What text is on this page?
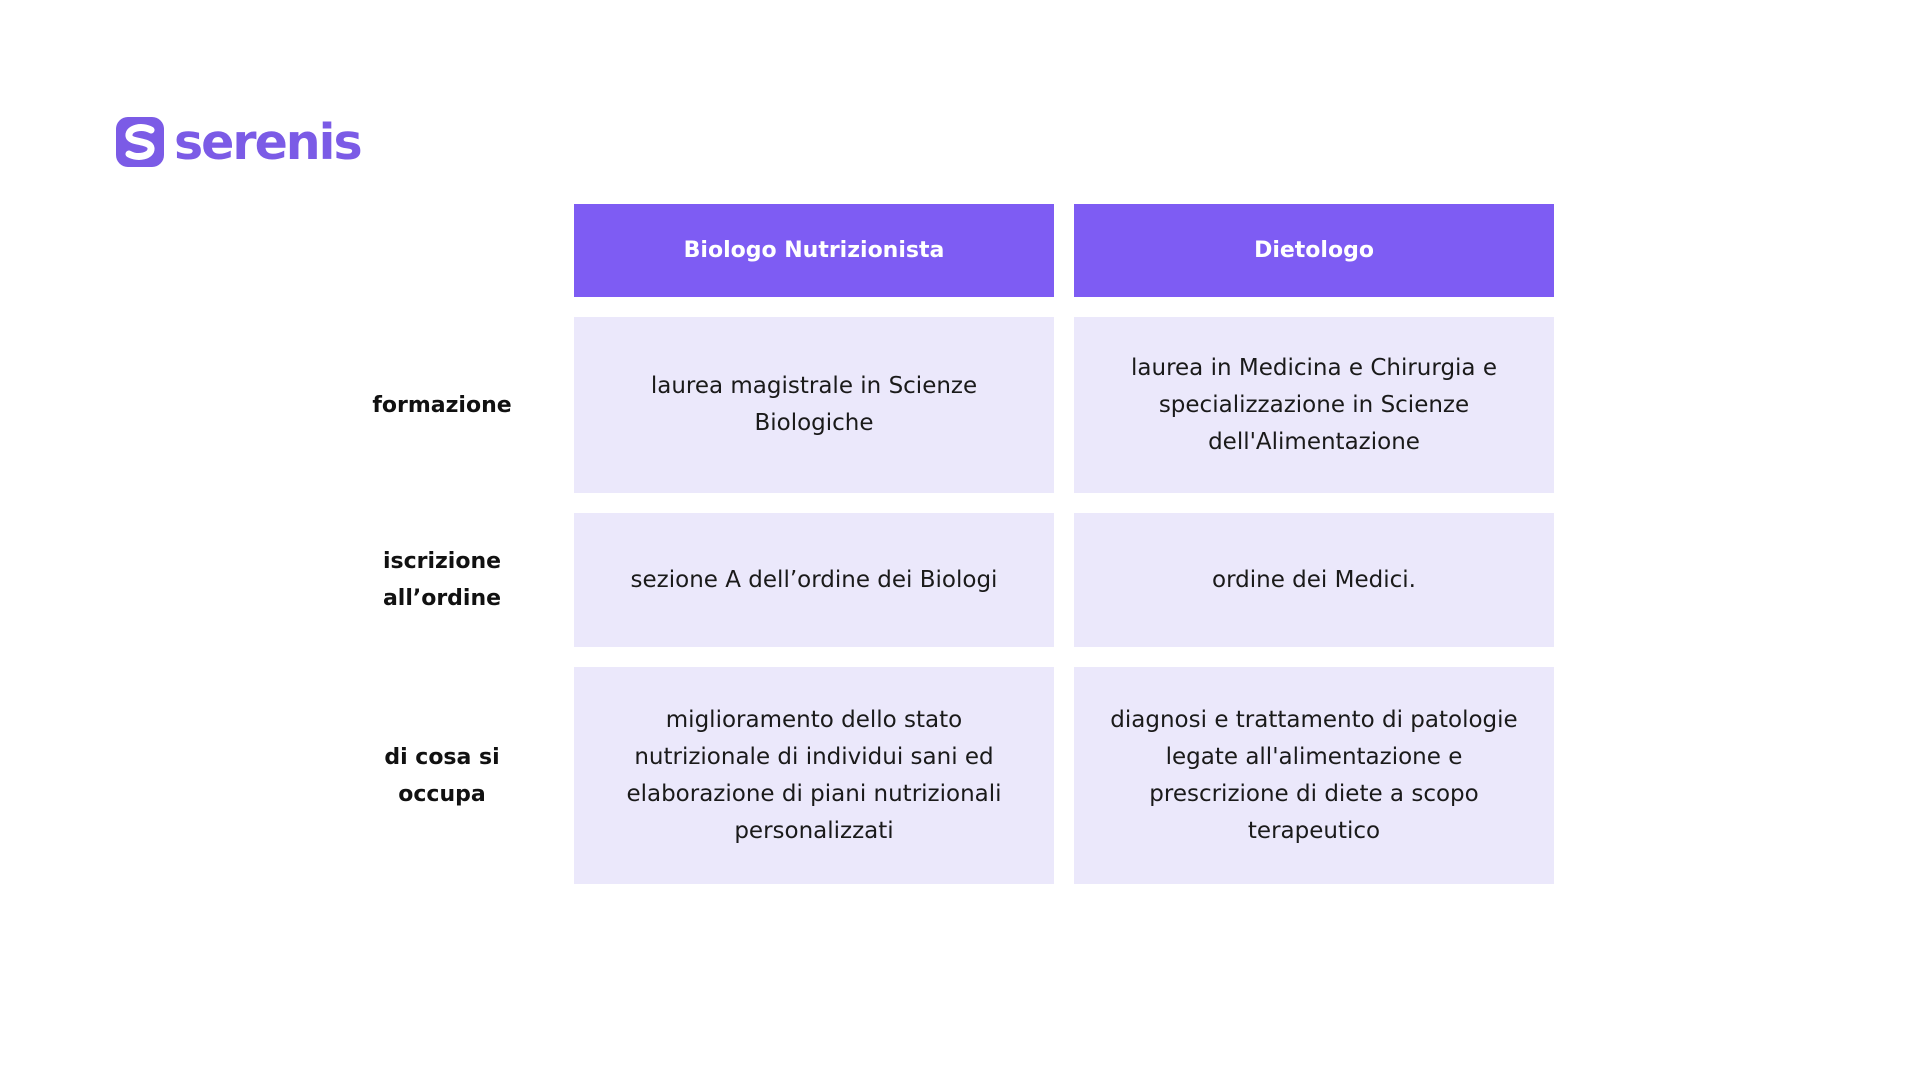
serenis
Biologo Nutrizionista	Dietologo
formazione
laurea magistrale in Scienze Biologiche
laurea in Medicina e Chirurgia e specializzazione in Scienze dell'Alimentazione
iscrizione all’ordine
sezione A dell’ordine dei Biologi	ordine dei Medici.
di cosa si occupa
miglioramento dello stato nutrizionale di individui sani ed elaborazione di piani nutrizionali personalizzati
diagnosi e trattamento di patologie legate all'alimentazione e prescrizione di diete a scopo terapeutico
